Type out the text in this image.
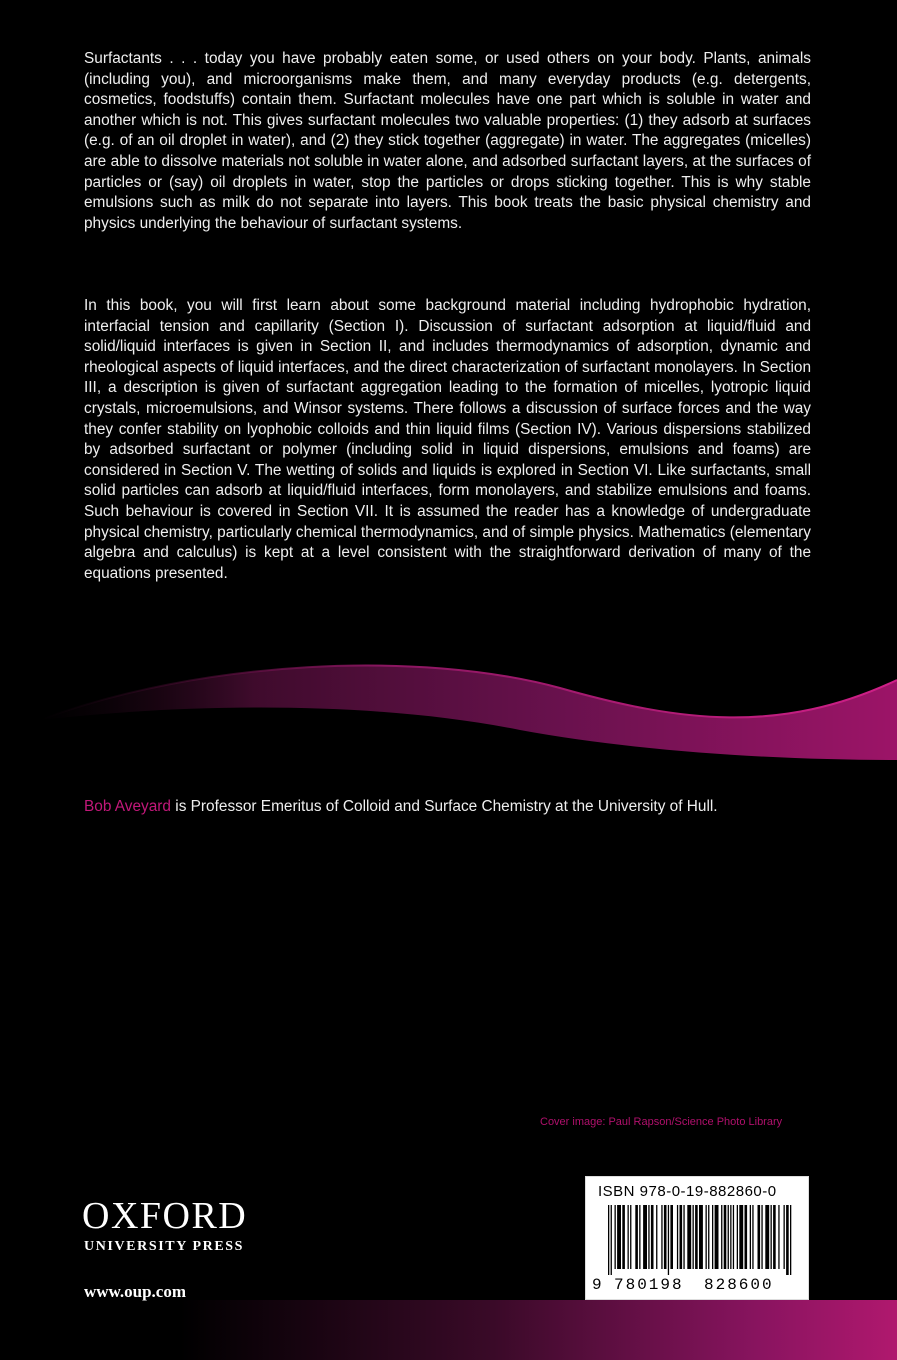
Surfactants . . . today you have probably eaten some, or used others on your body. Plants, animals (including you), and microorganisms make them, and many everyday products (e.g. detergents, cosmetics, foodstuffs) contain them. Surfactant molecules have one part which is soluble in water and another which is not. This gives surfactant molecules two valuable properties: (1) they adsorb at surfaces (e.g. of an oil droplet in water), and (2) they stick together (aggregate) in water. The aggregates (micelles) are able to dissolve materials not soluble in water alone, and adsorbed surfactant layers, at the surfaces of particles or (say) oil droplets in water, stop the particles or drops sticking together. This is why stable emulsions such as milk do not separate into layers. This book treats the basic physical chemistry and physics underlying the behaviour of surfactant systems.

In this book, you will first learn about some background material including hydrophobic hydration, interfacial tension and capillarity (Section I). Discussion of surfactant adsorption at liquid/fluid and solid/liquid interfaces is given in Section II, and includes thermodynamics of adsorption, dynamic and rheological aspects of liquid interfaces, and the direct characterization of surfactant monolayers. In Section III, a description is given of surfactant aggregation leading to the formation of micelles, lyotropic liquid crystals, microemulsions, and Winsor systems. There follows a discussion of surface forces and the way they confer stability on lyophobic colloids and thin liquid films (Section IV). Various dispersions stabilized by adsorbed surfactant or polymer (including solid in liquid dispersions, emulsions and foams) are considered in Section V. The wetting of solids and liquids is explored in Section VI. Like surfactants, small solid particles can adsorb at liquid/fluid interfaces, form monolayers, and stabilize emulsions and foams. Such behaviour is covered in Section VII. It is assumed the reader has a knowledge of undergraduate physical chemistry, particularly chemical thermodynamics, and of simple physics. Mathematics (elementary algebra and calculus) is kept at a level consistent with the straightforward derivation of many of the equations presented.

Bob Aveyard is Professor Emeritus of Colloid and Surface Chemistry at the University of Hull.

Cover image: Paul Rapson/Science Photo Library
OXFORD
UNIVERSITY PRESS
www.oup.com
ISBN 978-0-19-882860-0
9 780198 828600
